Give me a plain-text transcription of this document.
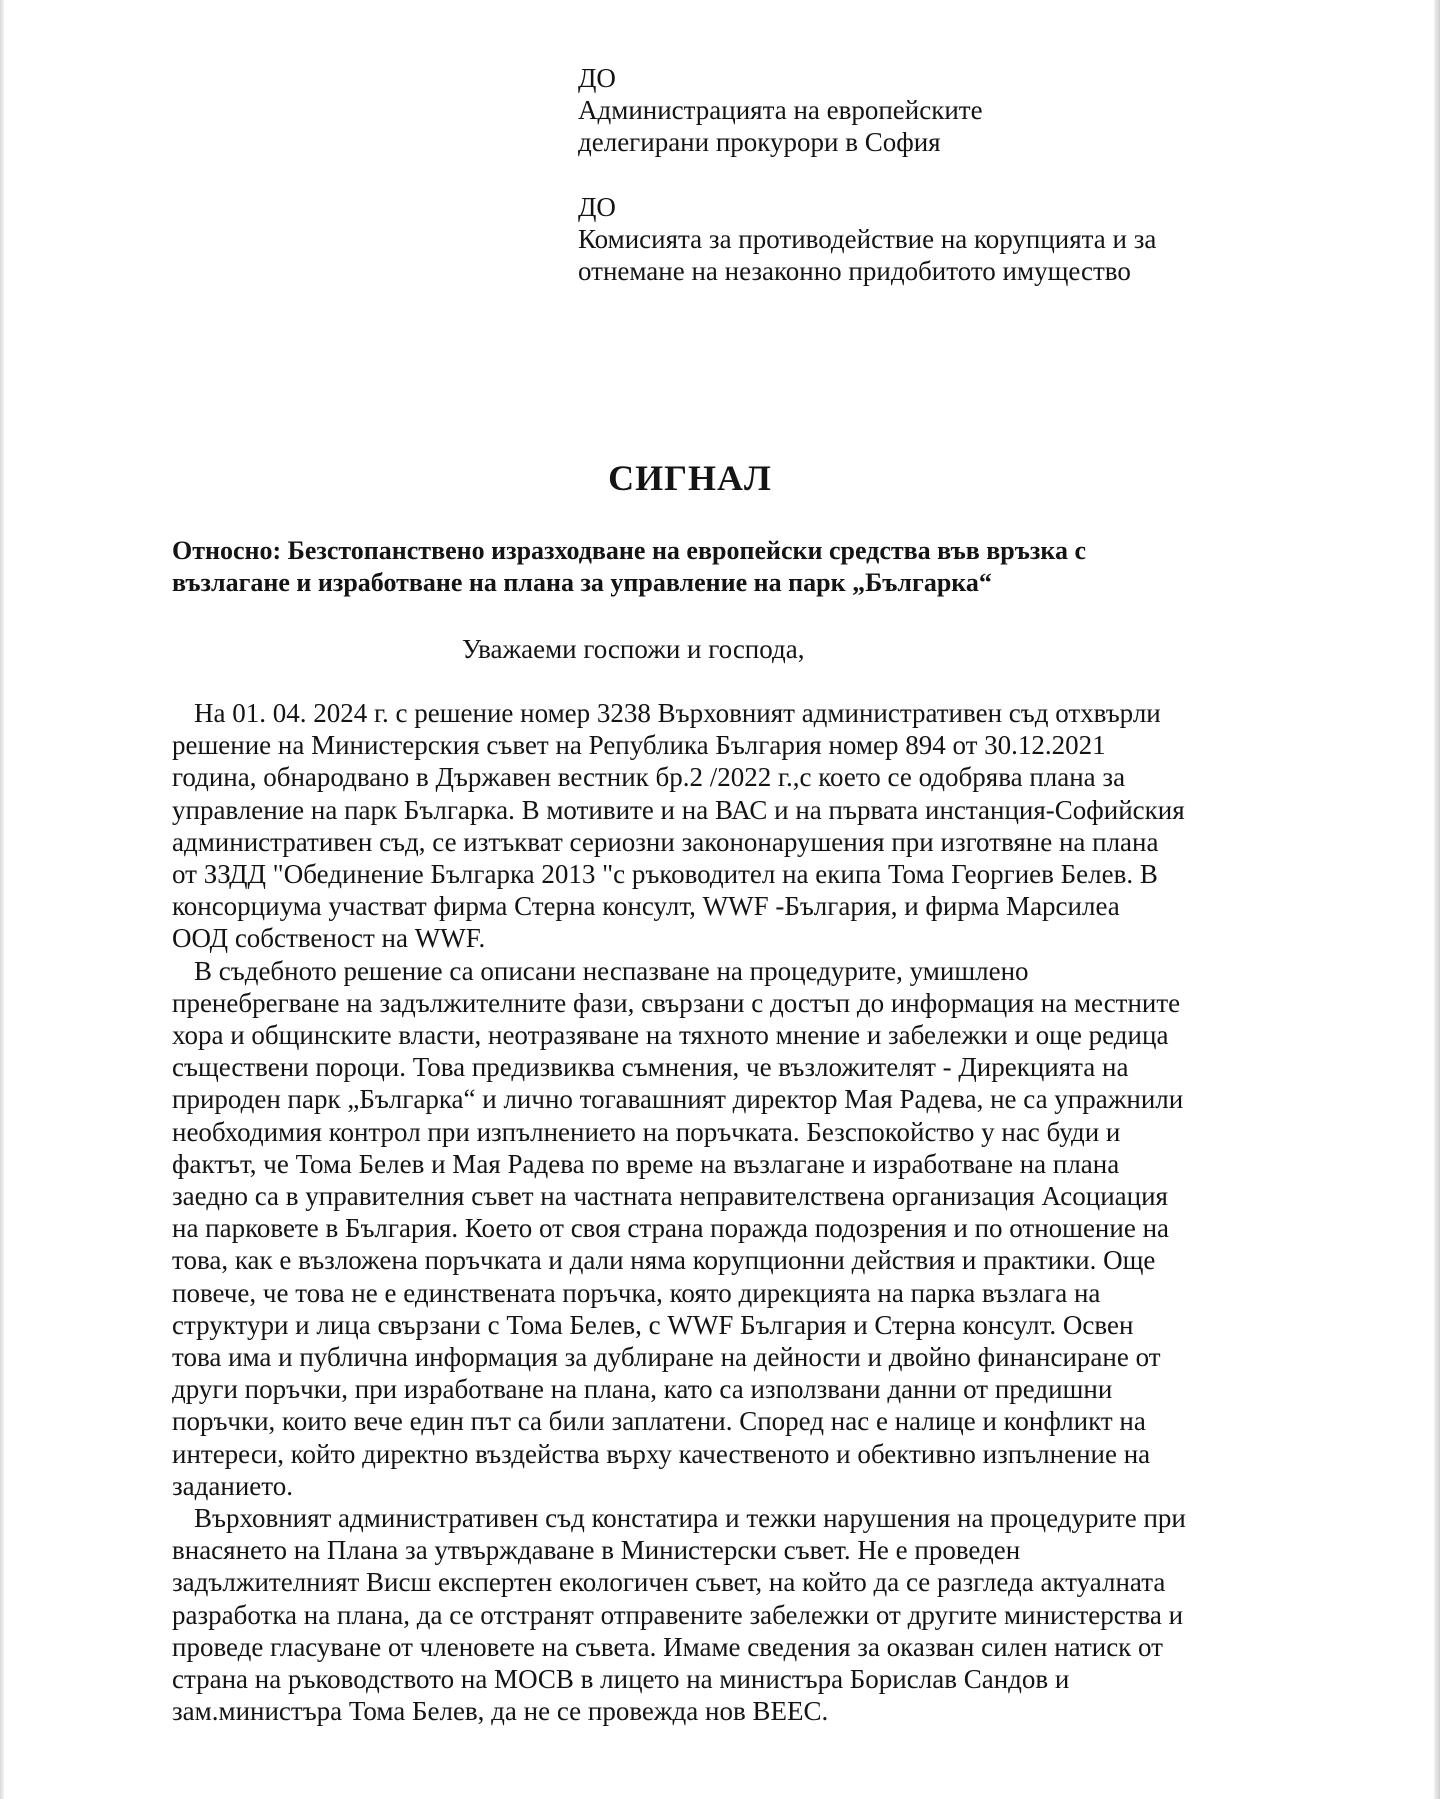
ДО
Администрацията на европейските
делегирани прокурори в София
ДО
Комисията за противодействие на корупцията и за
отнемане на незаконно придобитото имущество
СИГНАЛ
Относно: Безстопанствено изразходване на европейски средства във връзка с
възлагане и изработване на плана за управление на парк „Българка“
Уважаеми госпожи и господа,
На 01. 04. 2024 г. с решение номер 3238 Върховният административен съд отхвърли
решение на Министерския съвет на Република България номер 894 от 30.12.2021
година, обнародвано в Държавен вестник бр.2 /2022 г.,с което се одобрява плана за
управление на парк Българка. В мотивите и на ВАС и на първата инстанция-Софийския
административен съд, се изтъкват сериозни закононарушения при изготвяне на плана
от ЗЗДД "Обединение Българка 2013 "с ръководител на екипа Тома Георгиев Белев. В
консорциума участват фирма Стерна консулт, WWF -България, и фирма Марсилеа
ООД собственост на WWF.
В съдебното решение са описани неспазване на процедурите, умишлено
пренебрегване на задължителните фази, свързани с достъп до информация на местните
хора и общинските власти, неотразяване на тяхното мнение и забележки и още редица
съществени пороци. Това предизвиква съмнения, че възложителят - Дирекцията на
природен парк „Българка“ и лично тогавашният директор Мая Радева, не са упражнили
необходимия контрол при изпълнението на поръчката. Безспокойство у нас буди и
фактът, че Тома Белев и Мая Радева по време на възлагане и изработване на плана
заедно са в управителния съвет на частната неправителствена организация Асоциация
на парковете в България. Което от своя страна поражда подозрения и по отношение на
това, как е възложена поръчката и дали няма корупционни действия и практики. Още
повече, че това не е единствената поръчка, която дирекцията на парка възлага на
структури и лица свързани с Тома Белев, с WWF България и Стерна консулт. Освен
това има и публична информация за дублиране на дейности и двойно финансиране от
други поръчки, при изработване на плана, като са използвани данни от предишни
поръчки, които вече един път са били заплатени. Според нас е налице и конфликт на
интереси, който директно въздейства върху качественото и обективно изпълнение на
заданието.
Върховният административен съд констатира и тежки нарушения на процедурите при
внасянето на Плана за утвърждаване в Министерски съвет. Не е проведен
задължителният Висш експертен екологичен съвет, на който да се разгледа актуалната
разработка на плана, да се отстранят отправените забележки от другите министерства и
проведе гласуване от членовете на съвета. Имаме сведения за оказван силен натиск от
страна на ръководството на МОСВ в лицето на министъра Борислав Сандов и
зам.министъра Тома Белев, да не се провежда нов ВЕЕС.
